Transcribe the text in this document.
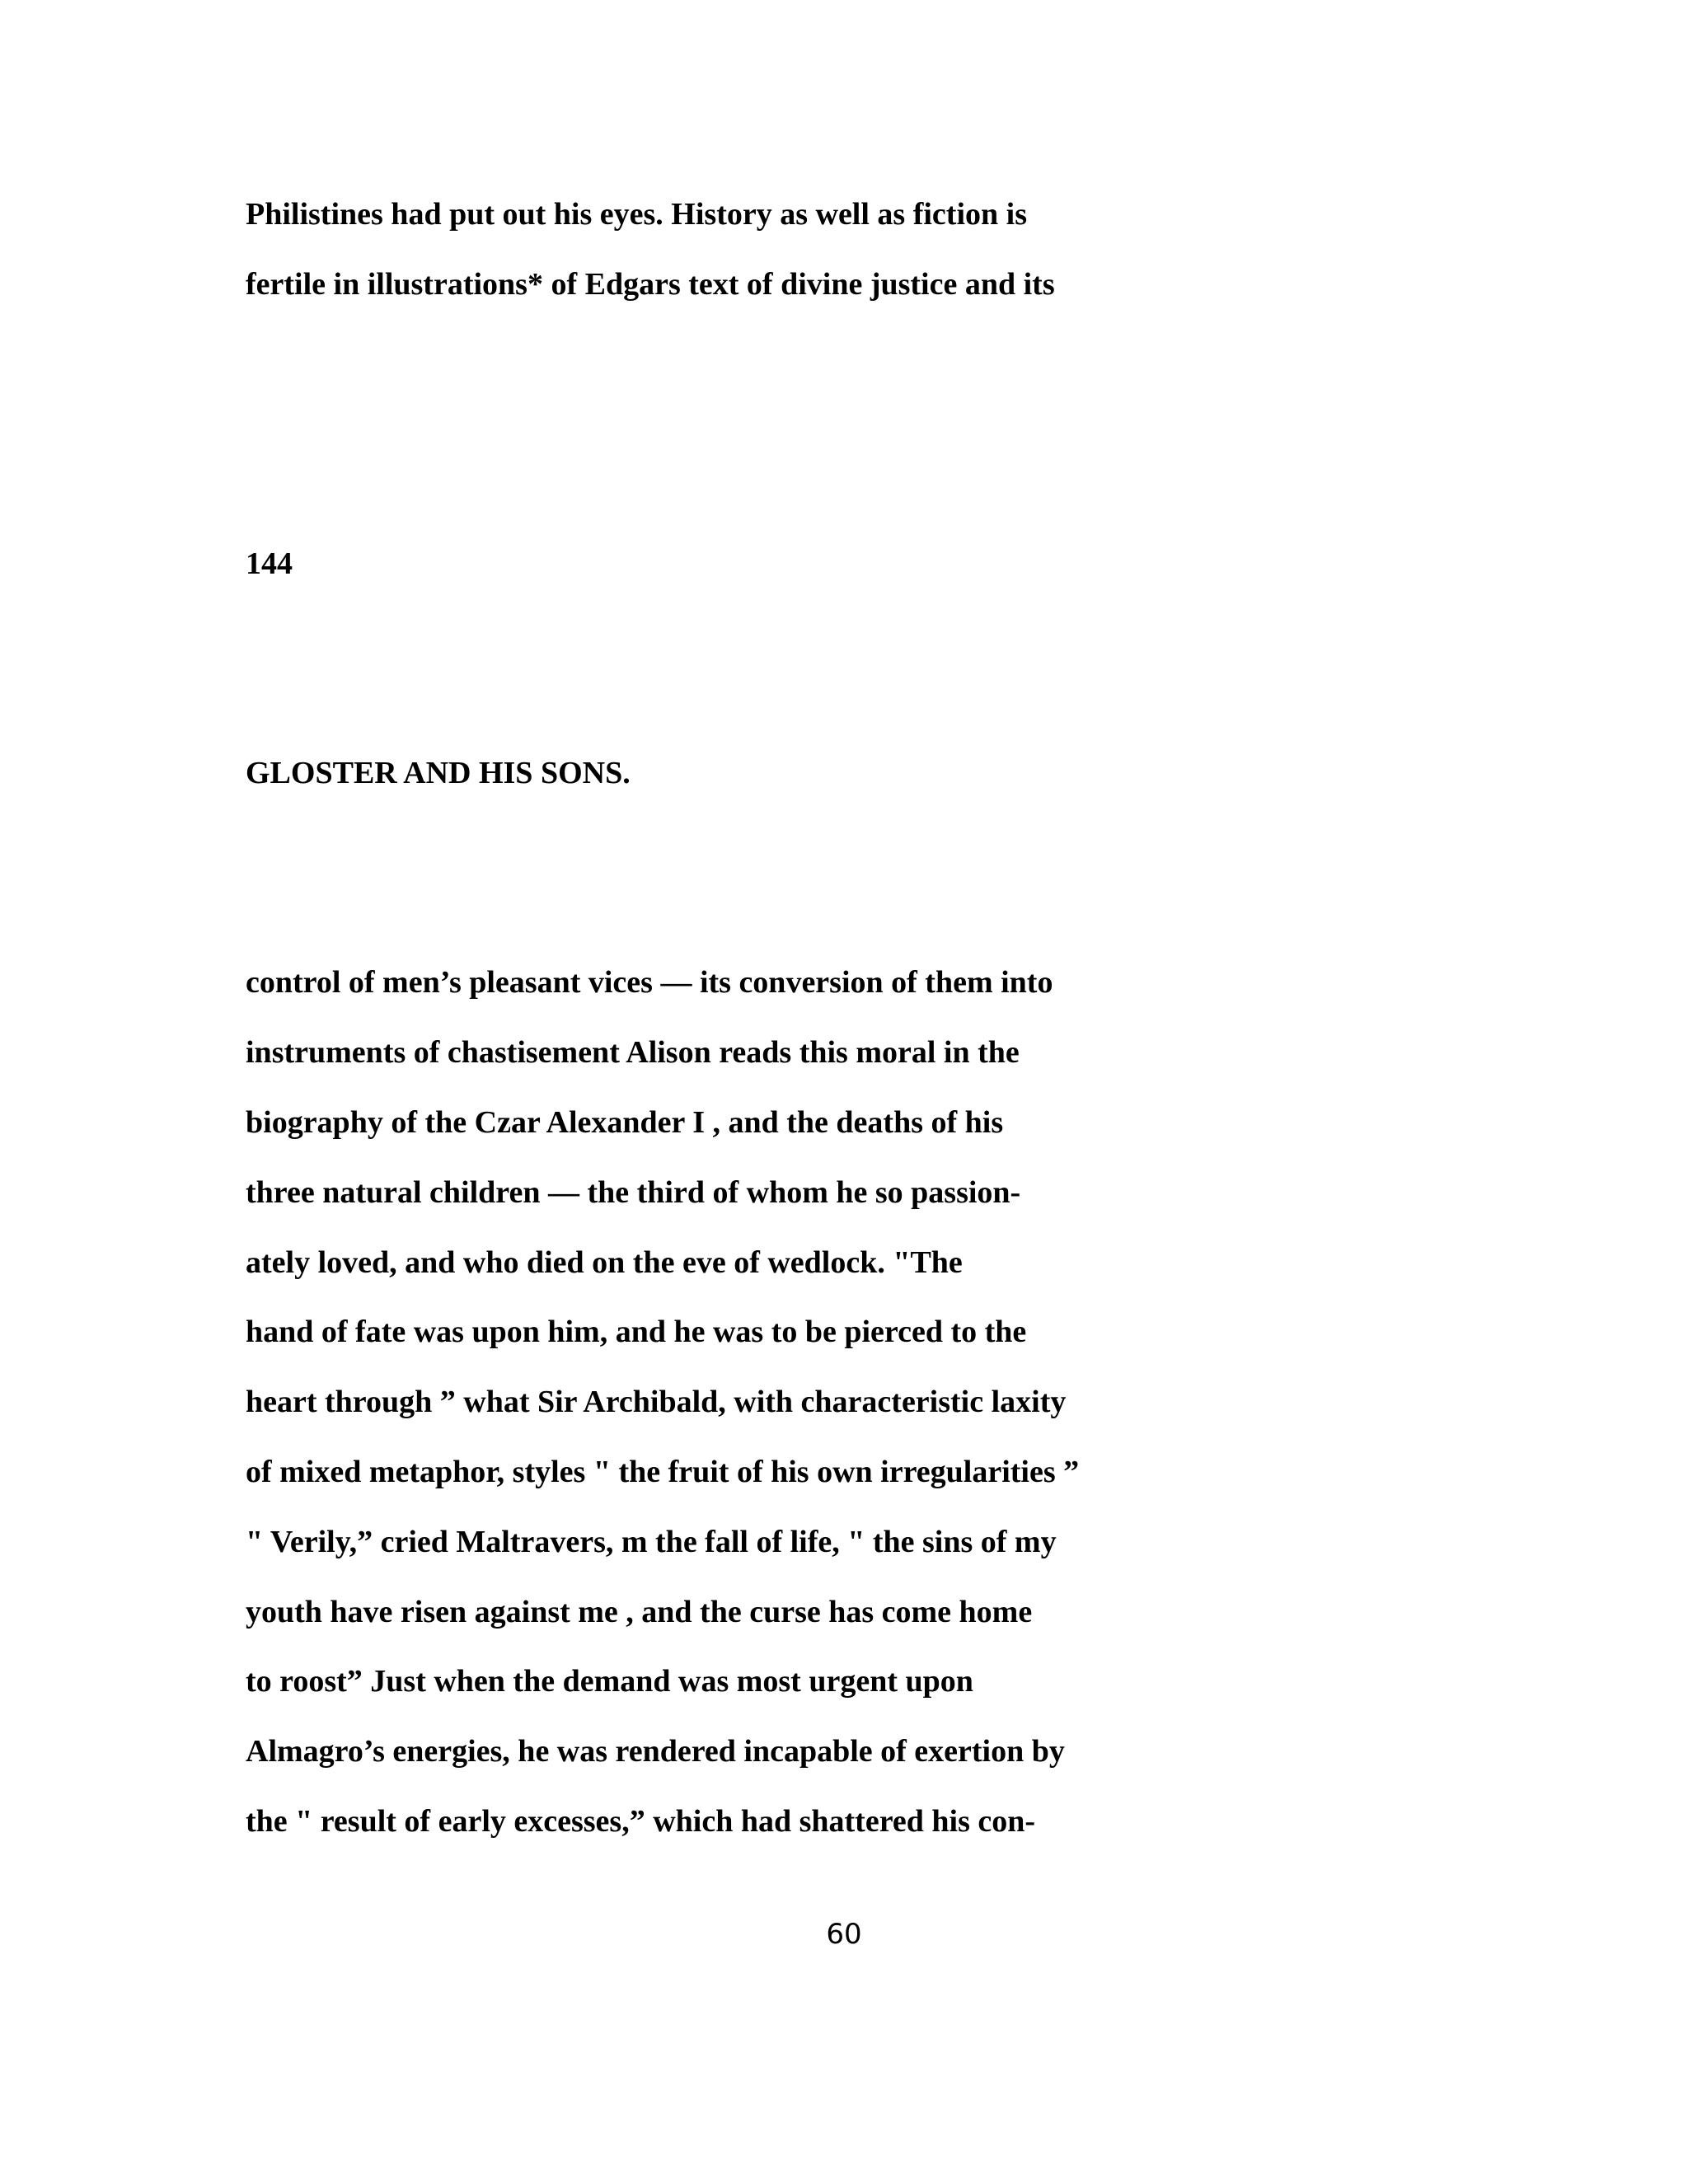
Philistines had put out his eyes. History as well as fiction is

fertile in illustrations* of Edgars text of divine justice and its

144

GLOSTER AND HIS SONS.

control of men’s pleasant vices — its conversion of them into

instruments of chastisement Alison reads this moral in the

biography of the Czar Alexander I , and the deaths of his

three natural children — the third of whom he so passion-

ately loved, and who died on the eve of wedlock. "The

hand of fate was upon him, and he was to be pierced to the

heart through ” what Sir Archibald, with characteristic laxity

of mixed metaphor, styles " the fruit of his own irregularities ”

" Verily,” cried Maltravers, m the fall of life, " the sins of my

youth have risen against me , and the curse has come home

to roost” Just when the demand was most urgent upon

Almagro’s energies, he was rendered incapable of exertion by

the " result of early excesses,” which had shattered his con-

60
